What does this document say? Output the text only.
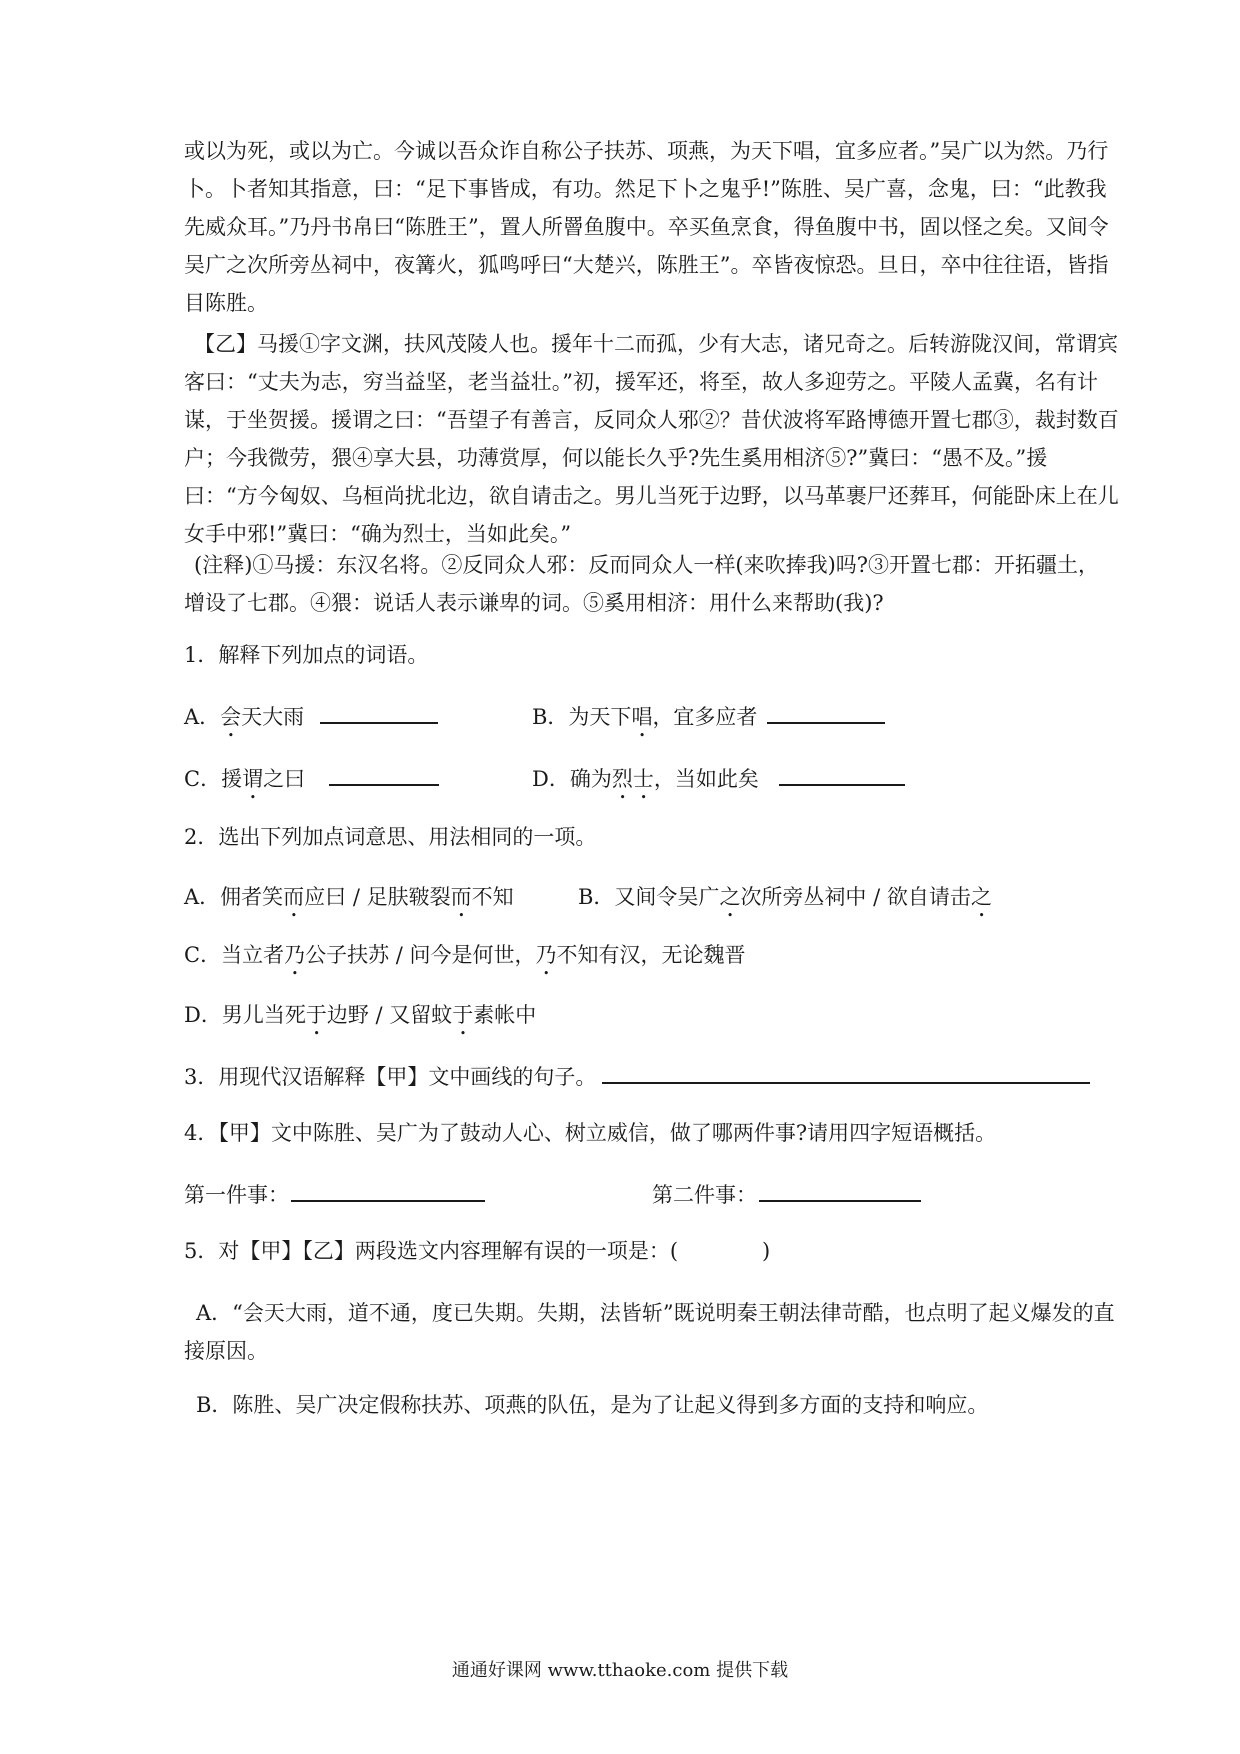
或以为死，或以为亡。今诚以吾众诈自称公子扶苏、项燕，为天下唱，宜多应者。”吴广以为然。乃行卜。卜者知其指意，曰：“足下事皆成，有功。然足下卜之鬼乎!”陈胜、吴广喜，念鬼，曰：“此教我先威众耳。”乃丹书帛曰“陈胜王”，置人所罾鱼腹中。卒买鱼烹食，得鱼腹中书，固以怪之矣。又间令吴广之次所旁丛祠中，夜篝火，狐鸣呼曰“大楚兴，陈胜王”。卒皆夜惊恐。旦日，卒中往往语，皆指目陈胜。

【乙】马援①字文渊，扶风茂陵人也。援年十二而孤，少有大志，诸兄奇之。后转游陇汉间，常谓宾客曰：“丈夫为志，穷当益坚，老当益壮。”初，援军还，将至，故人多迎劳之。平陵人孟冀，名有计谋，于坐贺援。援谓之曰：“吾望子有善言，反同众人邪②？昔伏波将军路博德开置七郡③，裁封数百户；今我微劳，猥④享大县，功薄赏厚，何以能长久乎?先生奚用相济⑤?”冀曰：“愚不及。”援曰：“方今匈奴、乌桓尚扰北边，欲自请击之。男儿当死于边野，以马革裹尸还葬耳，何能卧床上在儿女手中邪!”冀曰：“确为烈士，当如此矣。”

(注释)①马援：东汉名将。②反同众人邪：反而同众人一样(来吹捧我)吗?③开置七郡：开拓疆土，增设了七郡。④猥：说话人表示谦卑的词。⑤奚用相济：用什么来帮助(我)?

1．解释下列加点的词语。
A．会天大雨	B．为天下唱，宜多应者
C．援谓之曰	D．确为烈士，当如此矣
2．选出下列加点词意思、用法相同的一项。
A．佣者笑而应曰 / 足肤皲裂而不知	B．又间令吴广之次所旁丛祠中 / 欲自请击之
C．当立者乃公子扶苏 / 问今是何世，乃不知有汉，无论魏晋
D．男儿当死于边野 / 又留蚊于素帐中
3．用现代汉语解释【甲】文中画线的句子。
4．【甲】文中陈胜、吴广为了鼓动人心、树立威信，做了哪两件事?请用四字短语概括。
第一件事：	第二件事：
5．对【甲】【乙】两段选文内容理解有误的一项是：(　　　　)

A．“会天大雨，道不通，度已失期。失期，法皆斩”既说明秦王朝法律苛酷，也点明了起义爆发的直接原因。

B．陈胜、吴广决定假称扶苏、项燕的队伍，是为了让起义得到多方面的支持和响应。
通通好课网 www.tthaoke.com 提供下载
